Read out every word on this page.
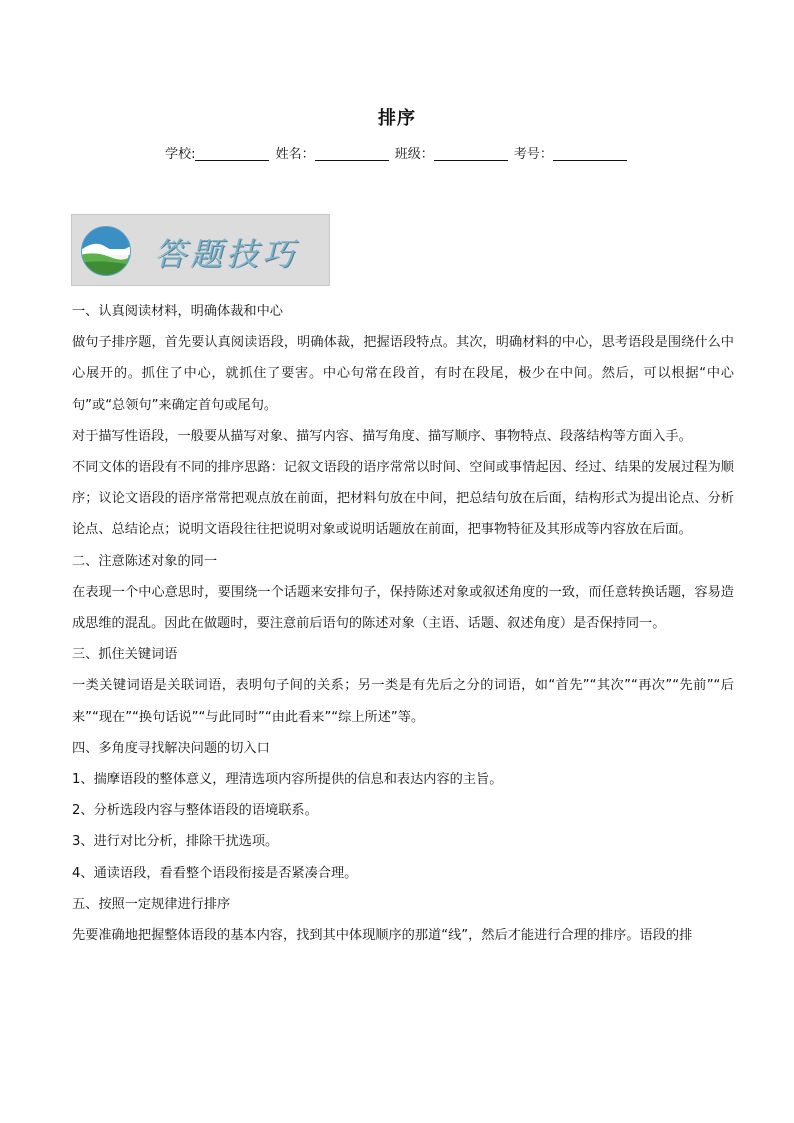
排序
学校:	姓名：	班级：	考号：
答题技巧

一、认真阅读材料，明确体裁和中心

做句子排序题，首先要认真阅读语段，明确体裁，把握语段特点。其次，明确材料的中心，思考语段是围绕什么中心展开的。抓住了中心，就抓住了要害。中心句常在段首，有时在段尾，极少在中间。然后，可以根据“中心句”或“总领句”来确定首句或尾句。

对于描写性语段，一般要从描写对象、描写内容、描写角度、描写顺序、事物特点、段落结构等方面入手。

不同文体的语段有不同的排序思路：记叙文语段的语序常常以时间、空间或事情起因、经过、结果的发展过程为顺序；议论文语段的语序常常把观点放在前面，把材料句放在中间，把总结句放在后面，结构形式为提出论点、分析论点、总结论点；说明文语段往往把说明对象或说明话题放在前面，把事物特征及其形成等内容放在后面。

二、注意陈述对象的同一

在表现一个中心意思时，要围绕一个话题来安排句子，保持陈述对象或叙述角度的一致，而任意转换话题，容易造成思维的混乱。因此在做题时，要注意前后语句的陈述对象（主语、话题、叙述角度）是否保持同一。

三、抓住关键词语

一类关键词语是关联词语，表明句子间的关系；另一类是有先后之分的词语，如“首先”“其次”“再次”“先前”“后来”“现在”“换句话说”“与此同时”“由此看来”“综上所述”等。

四、多角度寻找解决问题的切入口

1、揣摩语段的整体意义，理清选项内容所提供的信息和表达内容的主旨。

2、分析选段内容与整体语段的语境联系。

3、进行对比分析，排除干扰选项。

4、通读语段，看看整个语段衔接是否紧凑合理。

五、按照一定规律进行排序

先要准确地把握整体语段的基本内容，找到其中体现顺序的那道“线”，然后才能进行合理的排序。语段的排
